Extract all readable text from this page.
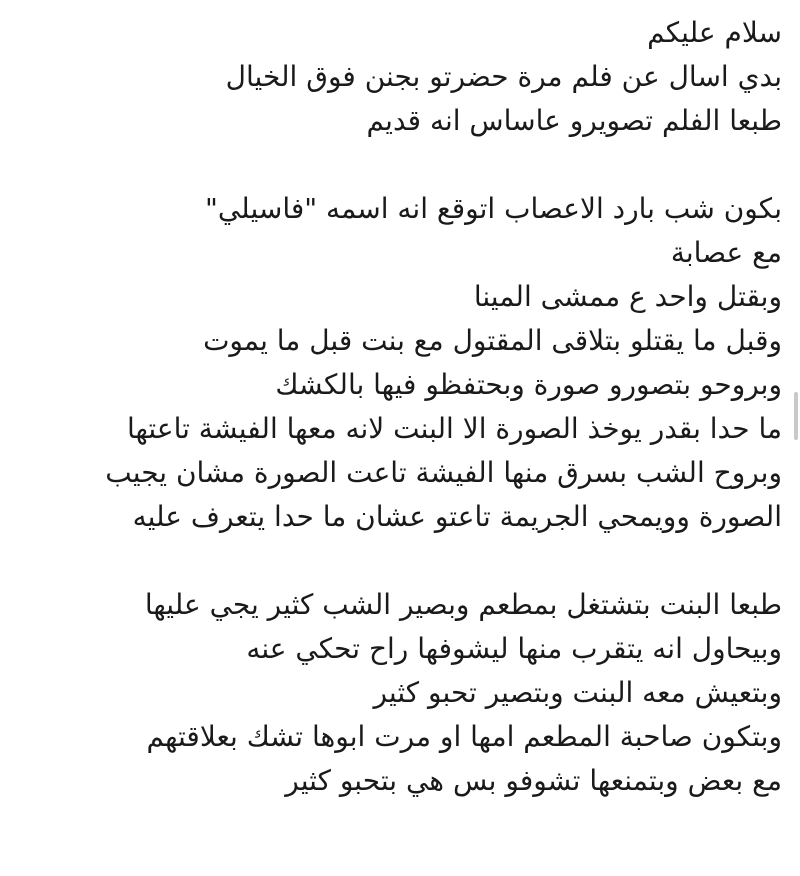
سلام عليكم
بدي اسال عن فلم مرة حضرتو بجنن فوق الخيال
طبعا الفلم تصويرو عاساس انه قديم
بكون شب بارد الاعصاب اتوقع انه اسمه "فاسيلي"
مع عصابة
وبقتل واحد ع ممشى المينا
وقبل ما يقتلو بتلاقى المقتول مع بنت قبل ما يموت
وبروحو بتصورو صورة وبحتفظو فيها بالكشك
ما حدا بقدر يوخذ الصورة الا البنت لانه معها الفيشة تاعتها
وبروح الشب بسرق منها الفيشة تاعت الصورة مشان يجيب الصورة وويمحي الجريمة تاعتو عشان ما حدا يتعرف عليه
طبعا البنت بتشتغل بمطعم وبصير الشب كثير يجي عليها
وبيحاول انه يتقرب منها ليشوفها راح تحكي عنه
وبتعيش معه البنت وبتصير تحبو كثير
وبتكون صاحبة المطعم امها او مرت ابوها تشك بعلاقتهم
مع بعض وبتمنعها تشوفو بس هي بتحبو كثير
